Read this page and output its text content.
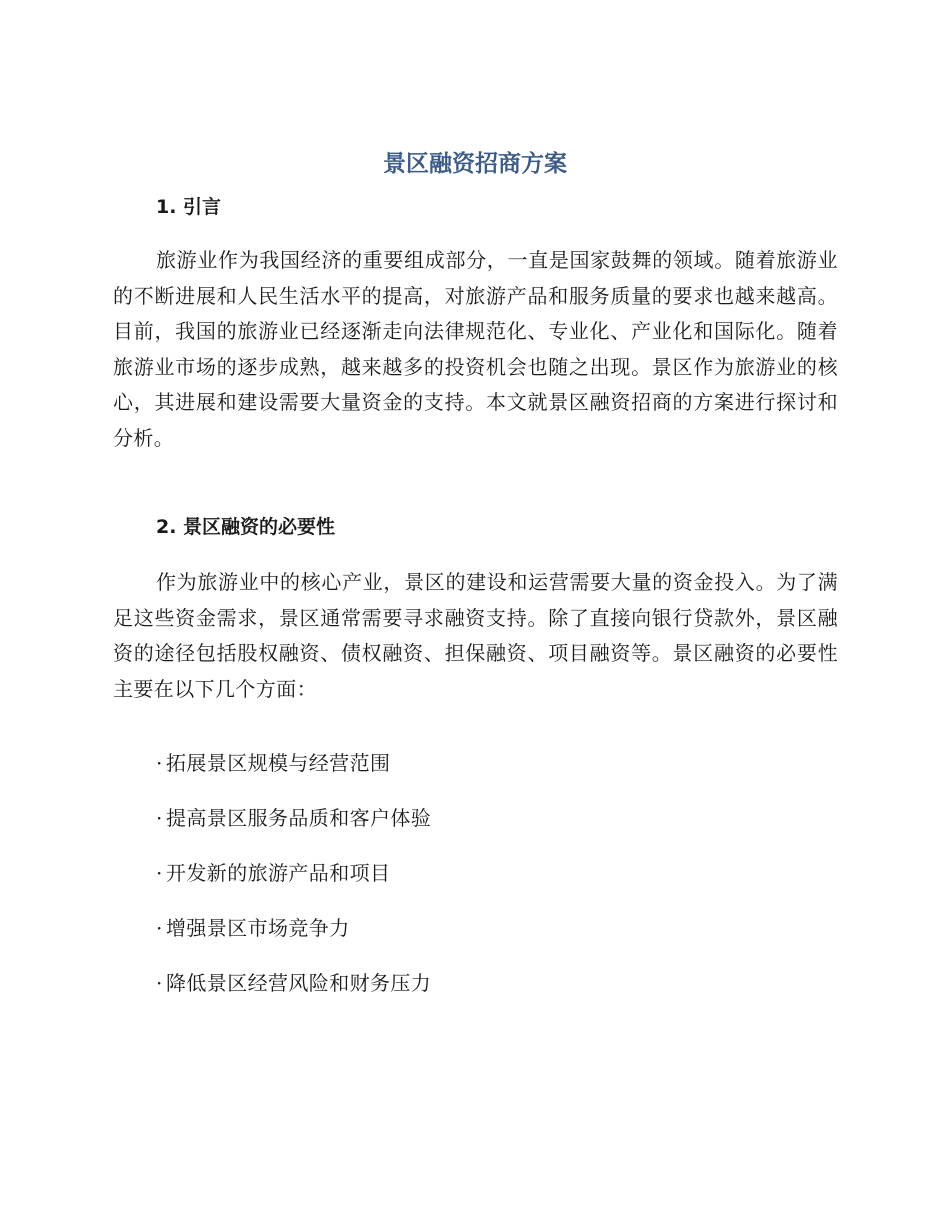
景区融资招商方案
1. 引言

旅游业作为我国经济的重要组成部分，一直是国家鼓舞的领域。随着旅游业的不断进展和人民生活水平的提高，对旅游产品和服务质量的要求也越来越高。目前，我国的旅游业已经逐渐走向法律规范化、专业化、产业化和国际化。随着旅游业市场的逐步成熟，越来越多的投资机会也随之出现。景区作为旅游业的核心，其进展和建设需要大量资金的支持。本文就景区融资招商的方案进行探讨和分析。

2. 景区融资的必要性

作为旅游业中的核心产业，景区的建设和运营需要大量的资金投入。为了满足这些资金需求，景区通常需要寻求融资支持。除了直接向银行贷款外，景区融资的途径包括股权融资、债权融资、担保融资、项目融资等。景区融资的必要性主要在以下几个方面：

· 拓展景区规模与经营范围
· 提高景区服务品质和客户体验
· 开发新的旅游产品和项目
· 增强景区市场竞争力
· 降低景区经营风险和财务压力
